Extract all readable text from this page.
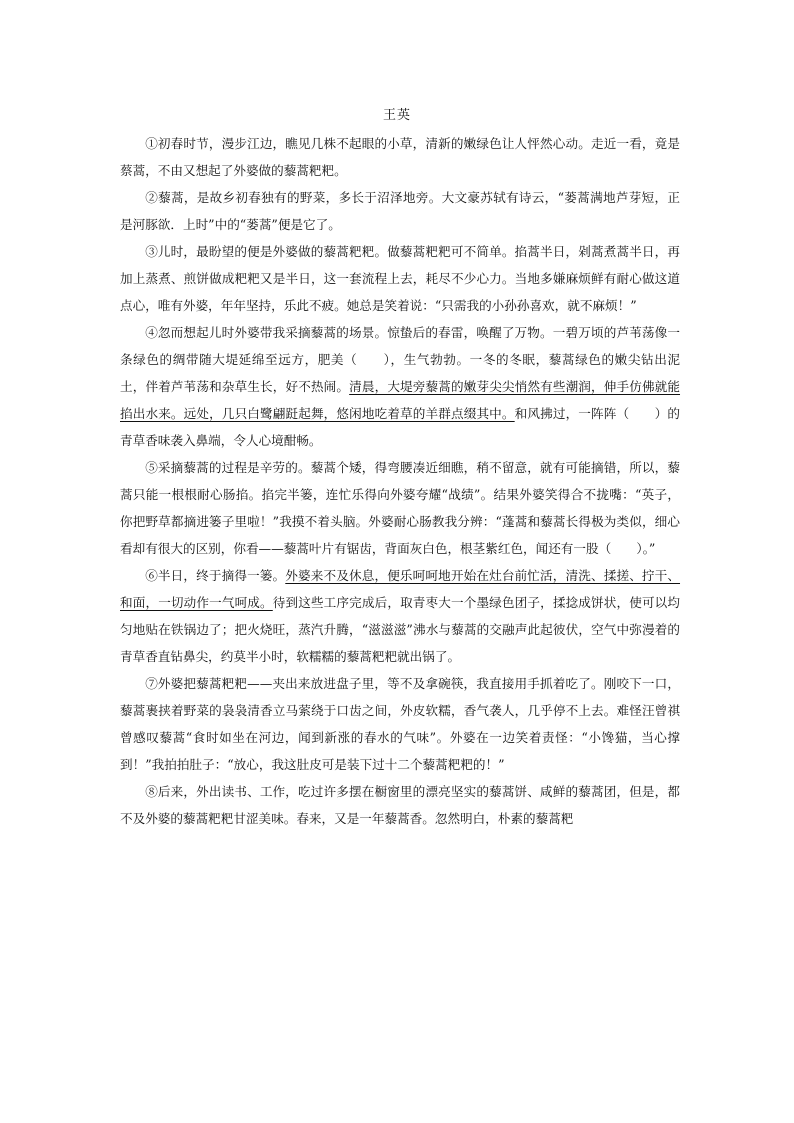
王英

①初春时节，漫步江边，瞧见几株不起眼的小草，清新的嫩绿色让人怦然心动。走近一看，竟是蔡蒿，不由又想起了外婆做的藜蒿粑粑。

②藜蒿，是故乡初春独有的野菜，多长于沼泽地旁。大文豪苏轼有诗云，“蒌蒿满地芦芽短，正是河豚欲．上时”中的“蒌蒿”便是它了。

③儿时，最盼望的便是外婆做的藜蒿粑粑。做藜蒿粑粑可不简单。掐蒿半日，剁蒿煮蒿半日，再加上蒸煮、煎饼做成粑粑又是半日，这一套流程上去，耗尽不少心力。当地多嫌麻烦鲜有耐心做这道点心，唯有外婆，年年坚持，乐此不疲。她总是笑着说：“只需我的小孙孙喜欢，就不麻烦！”

④忽而想起儿时外婆带我采摘藜蒿的场景。惊蛰后的春雷，唤醒了万物。一碧万顷的芦苇荡像一条绿色的绸带随大堤延绵至远方，肥美（　　），生气勃勃。一冬的冬眠，藜蒿绿色的嫩尖钻出泥土，伴着芦苇荡和杂草生长，好不热闹。清晨，大堤旁藜蒿的嫩芽尖尖悄然有些潮润，伸手仿佛就能掐出水来。远处，几只白鹭翩跹起舞，悠闲地吃着草的羊群点缀其中。和风拂过，一阵阵（　　）的青草香味袭入鼻端，令人心境酣畅。

⑤采摘藜蒿的过程是辛劳的。藜蒿个矮，得弯腰凑近细瞧，稍不留意，就有可能摘错，所以，藜蒿只能一根根耐心肠掐。掐完半篓，连忙乐得向外婆夸耀“战绩”。结果外婆笑得合不拢嘴：“英子，你把野草都摘进篓子里啦！”我摸不着头脑。外婆耐心肠教我分辨：“蓬蒿和藜蒿长得极为类似，细心看却有很大的区别，你看——藜蒿叶片有锯齿，背面灰白色，根茎紫红色，闻还有一股（　　）。”

⑥半日，终于摘得一篓。外婆来不及休息，便乐呵呵地开始在灶台前忙活，清洗、揉搓、拧干、和面，一切动作一气呵成。待到这些工序完成后，取青枣大一个墨绿色团子，揉捻成饼状，使可以均匀地贴在铁锅边了；把火烧旺，蒸汽升腾，“滋滋滋”沸水与藜蒿的交融声此起彼伏，空气中弥漫着的青草香直钻鼻尖，约莫半小时，软糯糯的藜蒿粑粑就出锅了。

⑦外婆把藜蒿粑粑——夹出来放进盘子里，等不及拿碗筷，我直接用手抓着吃了。刚咬下一口，藜蒿裹挟着野菜的袅袅清香立马萦绕于口齿之间，外皮软糯，香气袭人，几乎停不上去。难怪汪曾祺曾感叹藜蒿“食时如坐在河边，闻到新涨的春水的气味”。外婆在一边笑着责怪：“小馋猫，当心撑到！”我拍拍肚子：“放心，我这肚皮可是装下过十二个藜蒿粑粑的！”

⑧后来，外出读书、工作，吃过许多摆在橱窗里的漂亮坚实的藜蒿饼、咸鲜的藜蒿团，但是，都不及外婆的藜蒿粑粑甘涩美味。春来，又是一年藜蒿香。忽然明白，朴素的藜蒿粑
